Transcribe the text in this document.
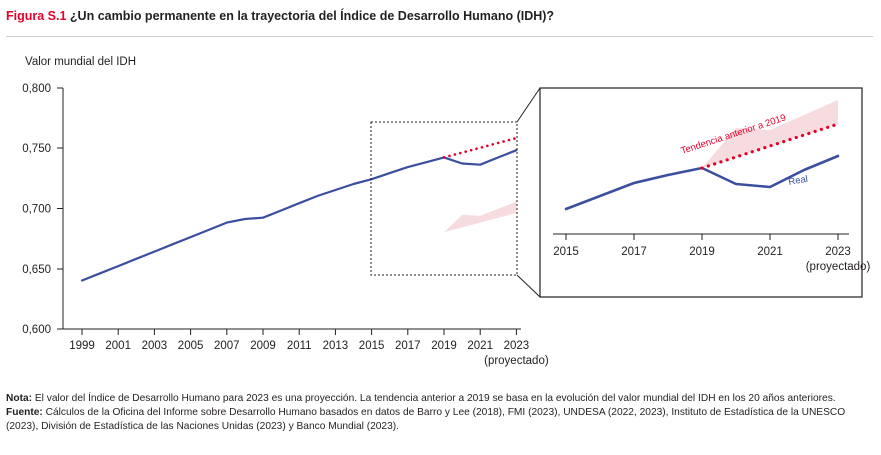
Figura S.1 ¿Un cambio permanente en la trayectoria del Índice de Desarrollo Humano (IDH)?
Valor mundial del IDH
0,800
0,750
0,700
0,650
0,600
1999 2001 2003 2005 2007 2009 2011 2013 2015 2017 2019 2021 2023
(proyectado)
2015	2017	2019	2021	2023
(proyectado)
Tendencia anterior a 2019
Real

Nota: El valor del Índice de Desarrollo Humano para 2023 es una proyección. La tendencia anterior a 2019 se basa en la evolución del valor mundial del IDH en los 20 años anteriores.

Fuente: Cálculos de la Oficina del Informe sobre Desarrollo Humano basados en datos de Barro y Lee (2018), FMI (2023), UNDESA (2022, 2023), Instituto de Estadística de la UNESCO (2023), División de Estadística de las Naciones Unidas (2023) y Banco Mundial (2023).
